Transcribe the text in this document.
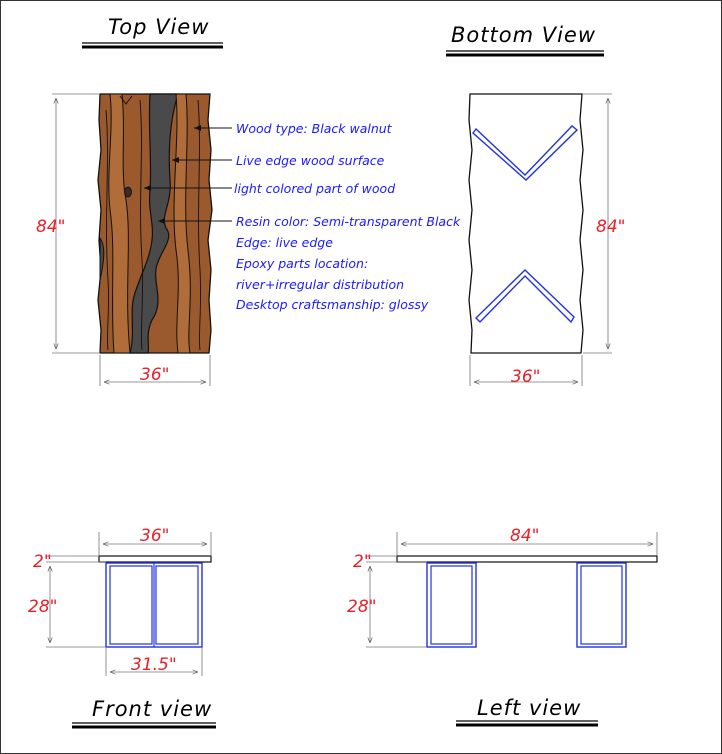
Top View
84"
36"
Wood type: Black walnut
Live edge wood surface
light colored part of wood
Resin color: Semi-transparent Black
Edge: live edge
Epoxy parts location:
river+irregular distribution
Desktop craftsmanship: glossy
Bottom View
84"
36"
36"
2"
28"
31.5"
Front view
84"
2"
28"
Left view
